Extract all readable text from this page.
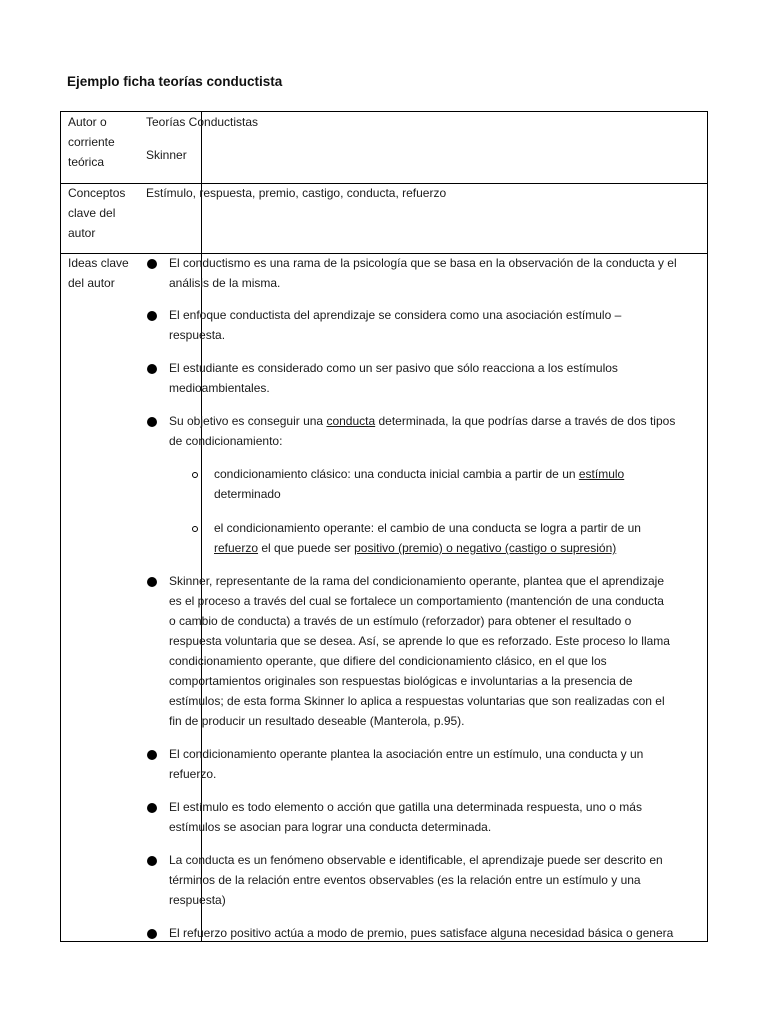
Ejemplo ficha teorías conductista
Autor o
corriente
teórica
Teorías Conductistas
Skinner
Conceptos
clave del
autor
Estímulo, respuesta, premio, castigo, conducta, refuerzo
Ideas clave
del autor
El conductismo es una rama de la psicología que se basa en la observación de la conducta y el
análisis de la misma.
El enfoque conductista del aprendizaje se considera como una asociación estímulo –
respuesta.
El estudiante es considerado como un ser pasivo que sólo reacciona a los estímulos
medioambientales.
Su objetivo es conseguir una conducta determinada, la que podrías darse a través de dos tipos
de condicionamiento:
condicionamiento clásico: una conducta inicial cambia a partir de un estímulo
determinado
el condicionamiento operante: el cambio de una conducta se logra a partir de un
refuerzo el que puede ser positivo (premio) o negativo (castigo o supresión)
Skinner, representante de la rama del condicionamiento operante, plantea que el aprendizaje
es el proceso a través del cual se fortalece un comportamiento (mantención de una conducta
o cambio de conducta) a través de un estímulo (reforzador) para obtener el resultado o
respuesta voluntaria que se desea. Así, se aprende lo que es reforzado. Este proceso lo llama
condicionamiento operante, que difiere del condicionamiento clásico, en el que los
comportamientos originales son respuestas biológicas e involuntarias a la presencia de
estímulos; de esta forma Skinner lo aplica a respuestas voluntarias que son realizadas con el
fin de producir un resultado deseable (Manterola, p.95).
El condicionamiento operante plantea la asociación entre un estímulo, una conducta y un
refuerzo.
El estímulo es todo elemento o acción que gatilla una determinada respuesta, uno o más
estímulos se asocian para lograr una conducta determinada.
La conducta es un fenómeno observable e identificable, el aprendizaje puede ser descrito en
términos de la relación entre eventos observables (es la relación entre un estímulo y una
respuesta)
El refuerzo positivo actúa a modo de premio, pues satisface alguna necesidad básica o genera
